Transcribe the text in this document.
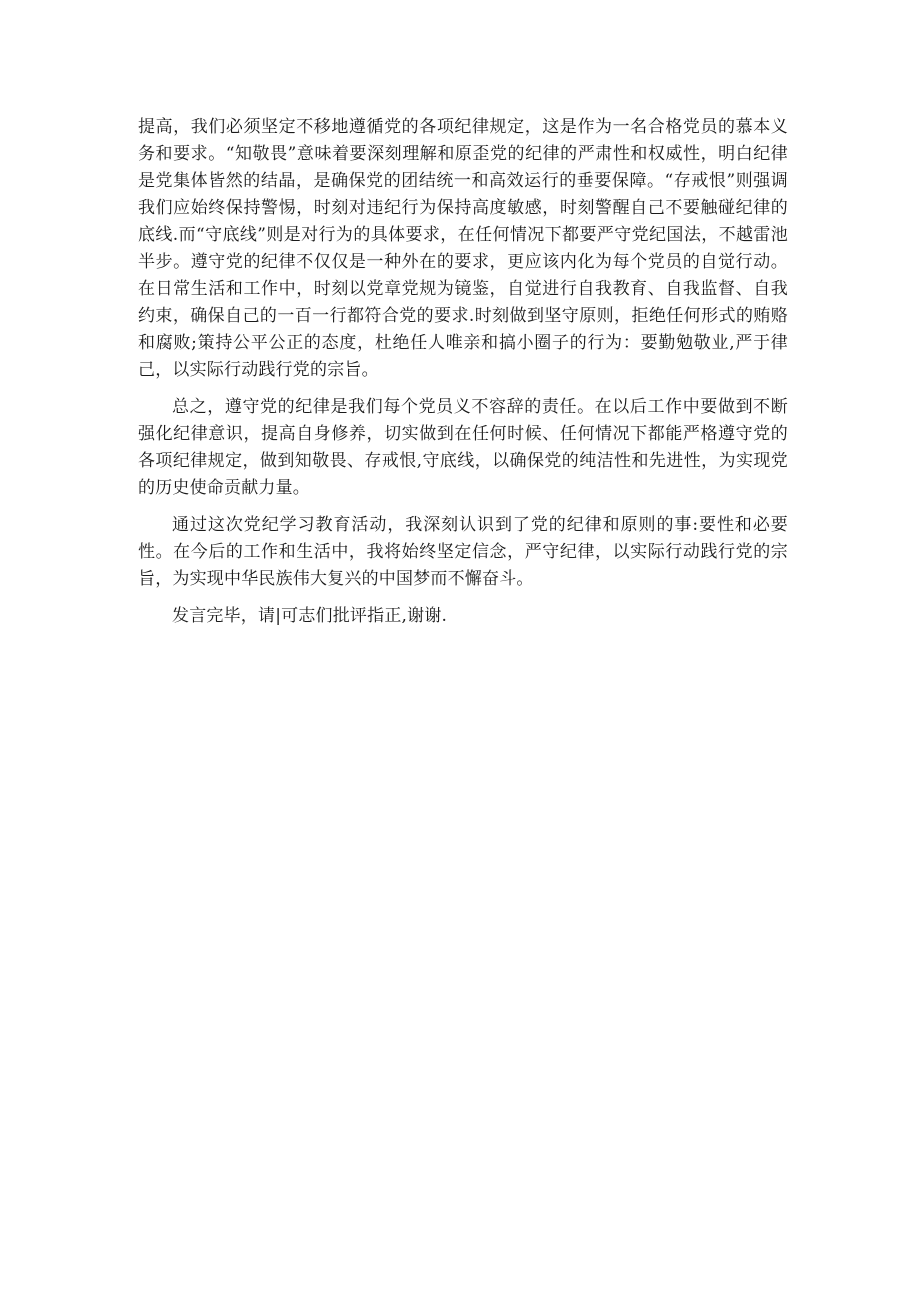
提高，我们必须坚定不移地遵循党的各项纪律规定，这是作为一名合格党员的慕本义务和要求。“知敬畏”意味着要深刻理解和原歪党的纪律的严肃性和权威性，明白纪律是党集体皆然的结晶，是确保党的团结统一和高效运行的垂要保障。“存戒恨”则强调我们应始终保持警惕，时刻对违纪行为保持高度敏感，时刻警醒自己不要触碰纪律的底线.而“守底线”则是对行为的具体要求，在任何情况下都要严守党纪国法，不越雷池半步。遵守党的纪律不仅仅是一种外在的要求，更应该内化为每个党员的自觉行动。在日常生活和工作中，时刻以党章党规为镜鉴，自觉进行自我教育、自我监督、自我约束，确保自己的一百一行都符合党的要求.时刻做到坚守原则，拒绝任何形式的贿赂和腐败;策持公平公正的态度，杜绝任人唯亲和搞小圈子的行为：要勤勉敬业,严于律己，以实际行动践行党的宗旨。

总之，遵守党的纪律是我们每个党员义不容辞的责任。在以后工作中要做到不断强化纪律意识，提高自身修养，切实做到在任何时候、任何情况下都能严格遵守党的各项纪律规定，做到知敬畏、存戒恨,守底线，以确保党的纯洁性和先进性，为实现党的历史使命贡献力量。

通过这次党纪学习教育活动，我深刻认识到了党的纪律和原则的事:要性和必要性。在今后的工作和生活中，我将始终坚定信念，严守纪律，以实际行动践行党的宗旨，为实现中华民族伟大复兴的中国梦而不懈奋斗。

发言完毕，请|可志们批评指正,谢谢.
